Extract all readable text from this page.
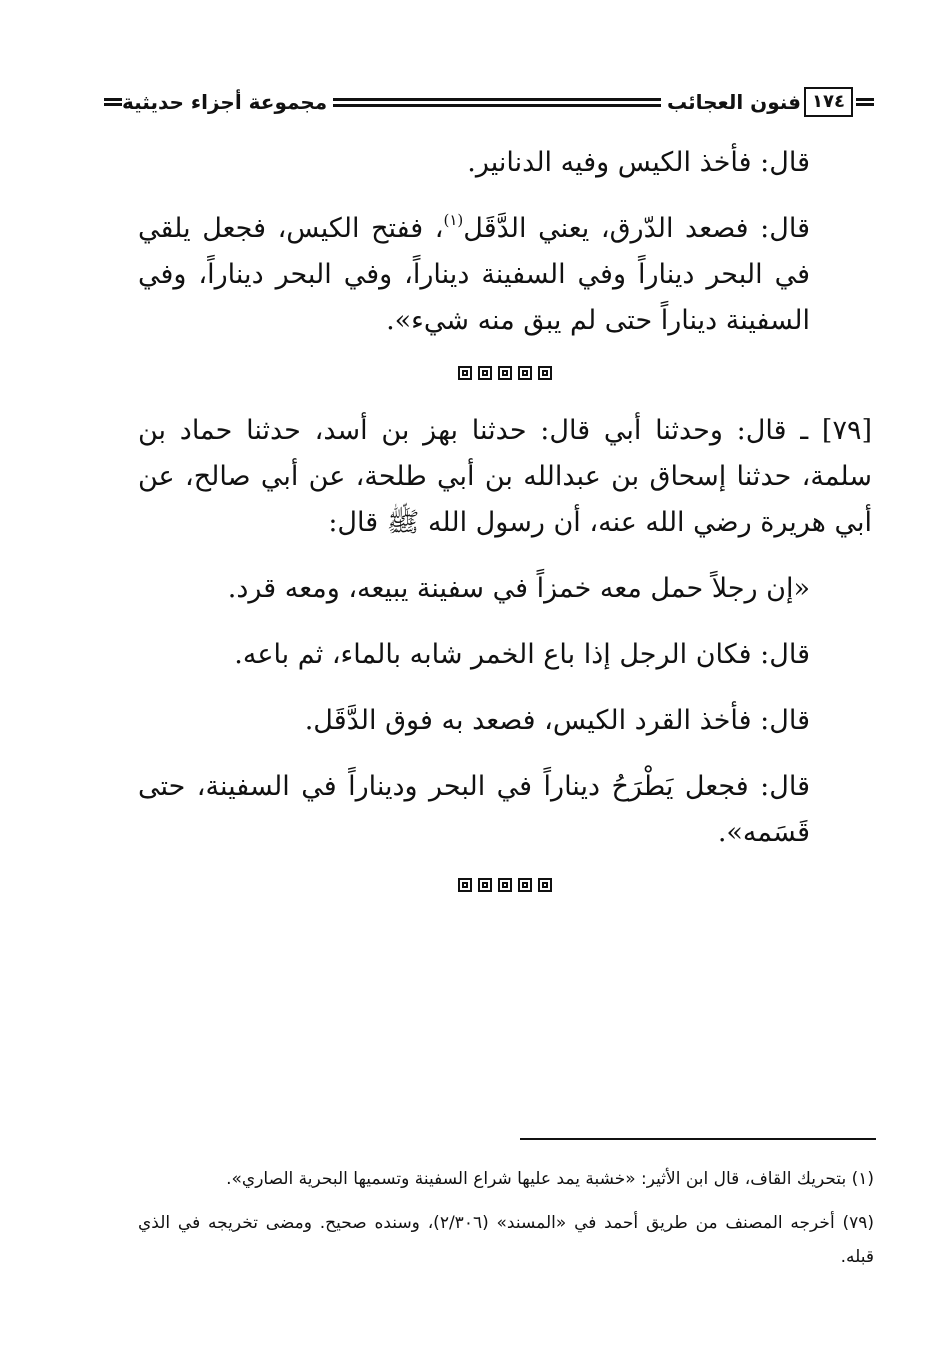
١٧٤
فنون العجائب
مجموعة أجزاء حديثية

قال: فأخذ الكيس وفيه الدنانير.

قال: فصعد الدّرق، يعني الدَّقَل$^{(١)}$، ففتح الكيس، فجعل يلقي في البحر ديناراً وفي السفينة ديناراً، وفي البحر ديناراً، وفي السفينة ديناراً حتى لم يبق منه شيء».

[٧٩] ـ قال: وحدثنا أبي قال: حدثنا بهز بن أسد، حدثنا حماد بن سلمة، حدثنا إسحاق بن عبدالله بن أبي طلحة، عن أبي صالح، عن أبي هريرة رضي الله عنه، أن رسول الله ﷺ قال:

«إن رجلاً حمل معه خمزاً في سفينة يبيعه، ومعه قرد.

قال: فكان الرجل إذا باع الخمر شابه بالماء، ثم باعه.

قال: فأخذ القرد الكيس، فصعد به فوق الدَّقَل.

قال: فجعل يَطْرَحُ ديناراً في البحر وديناراً في السفينة، حتى قَسَمه».

(١) بتحريك القاف، قال ابن الأثير: «خشبة يمد عليها شراع السفينة وتسميها البحرية الصاري».

(٧٩) أخرجه المصنف من طريق أحمد في «المسند» (٢/٣٠٦)، وسنده صحيح. ومضى تخريجه في الذي قبله.
